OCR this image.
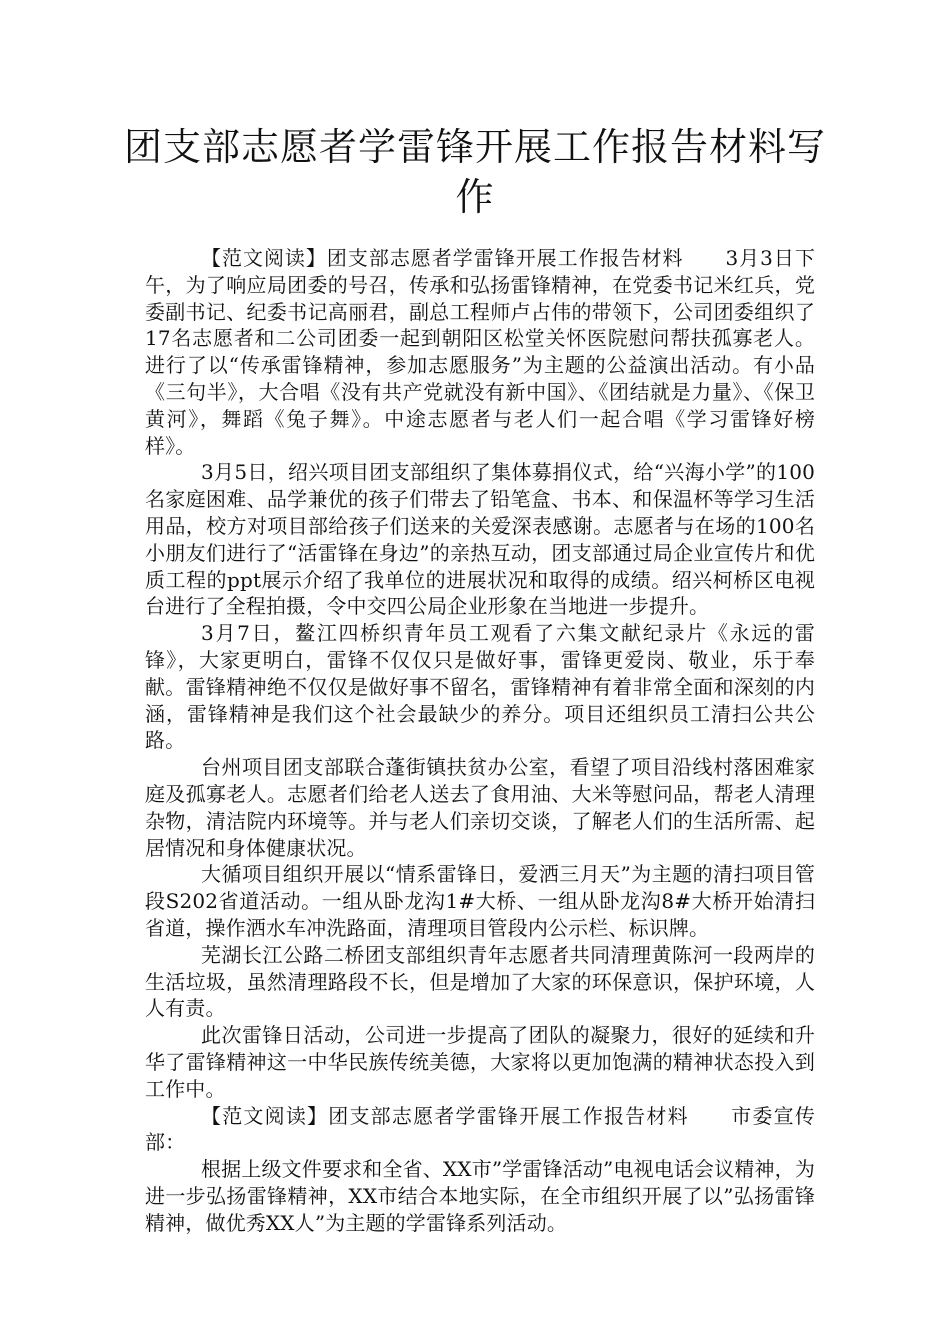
团支部志愿者学雷锋开展工作报告材料写作

【范文阅读】团支部志愿者学雷锋开展工作报告材料　　3月3日下午，为了响应局团委的号召，传承和弘扬雷锋精神，在党委书记米红兵，党委副书记、纪委书记高丽君，副总工程师卢占伟的带领下，公司团委组织了17名志愿者和二公司团委一起到朝阳区松堂关怀医院慰问帮扶孤寡老人。进行了以“传承雷锋精神，参加志愿服务”为主题的公益演出活动。有小品《三句半》，大合唱《没有共产党就没有新中国》、《团结就是力量》、《保卫黄河》，舞蹈《兔子舞》。中途志愿者与老人们一起合唱《学习雷锋好榜样》。

3月5日，绍兴项目团支部组织了集体募捐仪式，给“兴海小学”的100名家庭困难、品学兼优的孩子们带去了铅笔盒、书本、和保温杯等学习生活用品，校方对项目部给孩子们送来的关爱深表感谢。志愿者与在场的100名小朋友们进行了“活雷锋在身边”的亲热互动，团支部通过局企业宣传片和优质工程的ppt展示介绍了我单位的进展状况和取得的成绩。绍兴柯桥区电视台进行了全程拍摄，令中交四公局企业形象在当地进一步提升。

3月7日，鳌江四桥织青年员工观看了六集文献纪录片《永远的雷锋》，大家更明白，雷锋不仅仅只是做好事，雷锋更爱岗、敬业，乐于奉献。雷锋精神绝不仅仅是做好事不留名，雷锋精神有着非常全面和深刻的内涵，雷锋精神是我们这个社会最缺少的养分。项目还组织员工清扫公共公路。

台州项目团支部联合蓬街镇扶贫办公室，看望了项目沿线村落困难家庭及孤寡老人。志愿者们给老人送去了食用油、大米等慰问品，帮老人清理杂物，清洁院内环境等。并与老人们亲切交谈，了解老人们的生活所需、起居情况和身体健康状况。

大循项目组织开展以“情系雷锋日，爱洒三月天”为主题的清扫项目管段S202省道活动。一组从卧龙沟1#大桥、一组从卧龙沟8#大桥开始清扫省道，操作洒水车冲洗路面，清理项目管段内公示栏、标识牌。

芜湖长江公路二桥团支部组织青年志愿者共同清理黄陈河一段两岸的生活垃圾，虽然清理路段不长，但是增加了大家的环保意识，保护环境，人人有责。

此次雷锋日活动，公司进一步提高了团队的凝聚力，很好的延续和升华了雷锋精神这一中华民族传统美德，大家将以更加饱满的精神状态投入到工作中。

【范文阅读】团支部志愿者学雷锋开展工作报告材料　　市委宣传部：

根据上级文件要求和全省、XX市”学雷锋活动”电视电话会议精神，为进一步弘扬雷锋精神，XX市结合本地实际，在全市组织开展了以”弘扬雷锋精神，做优秀XX人”为主题的学雷锋系列活动。
